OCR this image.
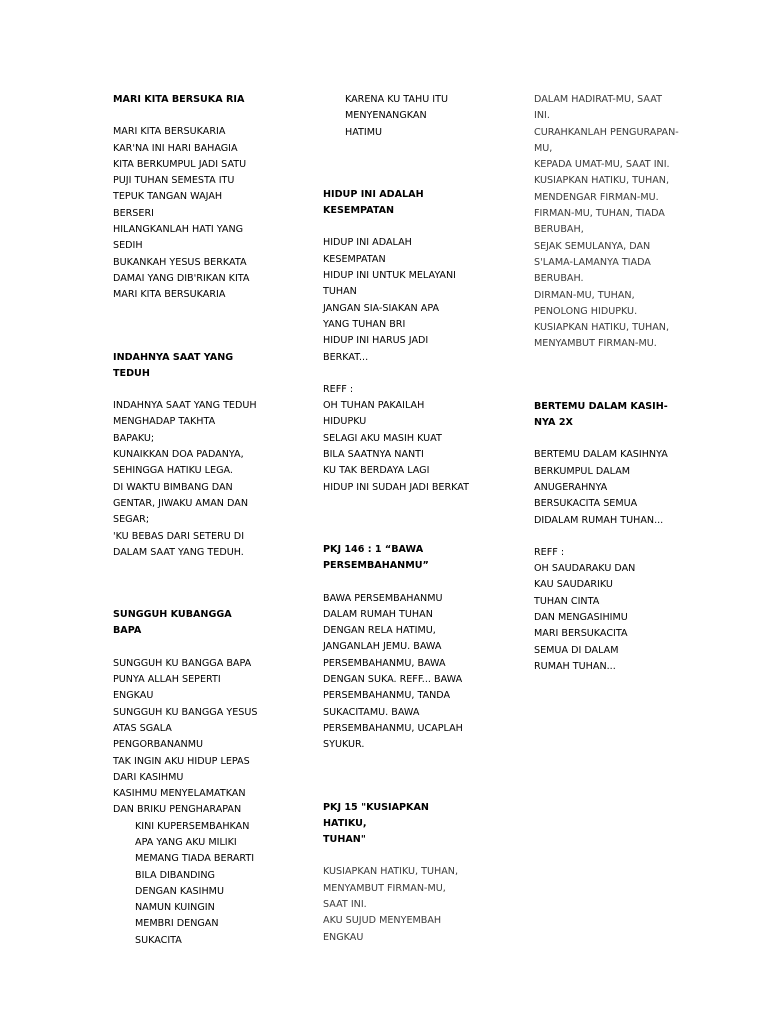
MARI KITA BERSUKA RIA

MARI KITA BERSUKARIA

KAR'NA INI HARI BAHAGIA

KITA BERKUMPUL JADI SATU

PUJI TUHAN SEMESTA ITU

TEPUK TANGAN WAJAH

BERSERI

HILANGKANLAH HATI YANG

SEDIH

BUKANKAH YESUS BERKATA

DAMAI YANG DIB'RIKAN KITA

MARI KITA BERSUKARIA

INDAHNYA SAAT YANG

TEDUH

INDAHNYA SAAT YANG TEDUH

MENGHADAP TAKHTA

BAPAKU;

KUNAIKKAN DOA PADANYA,

SEHINGGA HATIKU LEGA.

DI WAKTU BIMBANG DAN

GENTAR, JIWAKU AMAN DAN

SEGAR;

'KU BEBAS DARI SETERU DI

DALAM SAAT YANG TEDUH.

SUNGGUH KUBANGGA BAPA

SUNGGUH KU BANGGA BAPA

PUNYA ALLAH SEPERTI

ENGKAU

SUNGGUH KU BANGGA YESUS

ATAS SGALA

PENGORBANANMU

TAK INGIN AKU HIDUP LEPAS

DARI KASIHMU

KASIHMU MENYELAMATKAN

DAN BRIKU PENGHARAPAN

KINI KUPERSEMBAHKAN

APA YANG AKU MILIKI

MEMANG TIADA BERARTI

BILA DIBANDING

DENGAN KASIHMU

NAMUN KUINGIN

MEMBRI DENGAN

SUKACITA

KARENA KU TAHU ITU

MENYENANGKAN

HATIMU

HIDUP INI ADALAH

KESEMPATAN

HIDUP INI ADALAH

KESEMPATAN

HIDUP INI UNTUK MELAYANI

TUHAN

JANGAN SIA-SIAKAN APA

YANG TUHAN BRI

HIDUP INI HARUS JADI

BERKAT...

REFF :

OH TUHAN PAKAILAH

HIDUPKU

SELAGI AKU MASIH KUAT

BILA SAATNYA NANTI

KU TAK BERDAYA LAGI

HIDUP INI SUDAH JADI BERKAT

PKJ 146 : 1 “BAWA

PERSEMBAHANMU”

BAWA PERSEMBAHANMU

DALAM RUMAH TUHAN

DENGAN RELA HATIMU,

JANGANLAH JEMU. BAWA

PERSEMBAHANMU, BAWA

DENGAN SUKA. REFF... BAWA

PERSEMBAHANMU, TANDA

SUKACITAMU. BAWA

PERSEMBAHANMU, UCAPLAH

SYUKUR.

PKJ 15 "KUSIAPKAN HATIKU,

TUHAN"

KUSIAPKAN HATIKU, TUHAN,

MENYAMBUT FIRMAN-MU,

SAAT INI.

AKU SUJUD MENYEMBAH

ENGKAU

DALAM HADIRAT-MU, SAAT

INI.

CURAHKANLAH PENGURAPAN-

MU,

KEPADA UMAT-MU, SAAT INI.

KUSIAPKAN HATIKU, TUHAN,

MENDENGAR FIRMAN-MU.

FIRMAN-MU, TUHAN, TIADA

BERUBAH,

SEJAK SEMULANYA, DAN

S'LAMA-LAMANYA TIADA

BERUBAH.

DIRMAN-MU, TUHAN,

PENOLONG HIDUPKU.

KUSIAPKAN HATIKU, TUHAN,

MENYAMBUT FIRMAN-MU.

BERTEMU DALAM KASIH-

NYA 2X

BERTEMU DALAM KASIHNYA

BERKUMPUL DALAM

ANUGERAHNYA

BERSUKACITA SEMUA

DIDALAM RUMAH TUHAN...

REFF :

OH SAUDARAKU DAN

KAU SAUDARIKU

TUHAN CINTA

DAN MENGASIHIMU

MARI BERSUKACITA

SEMUA DI DALAM

RUMAH TUHAN...
